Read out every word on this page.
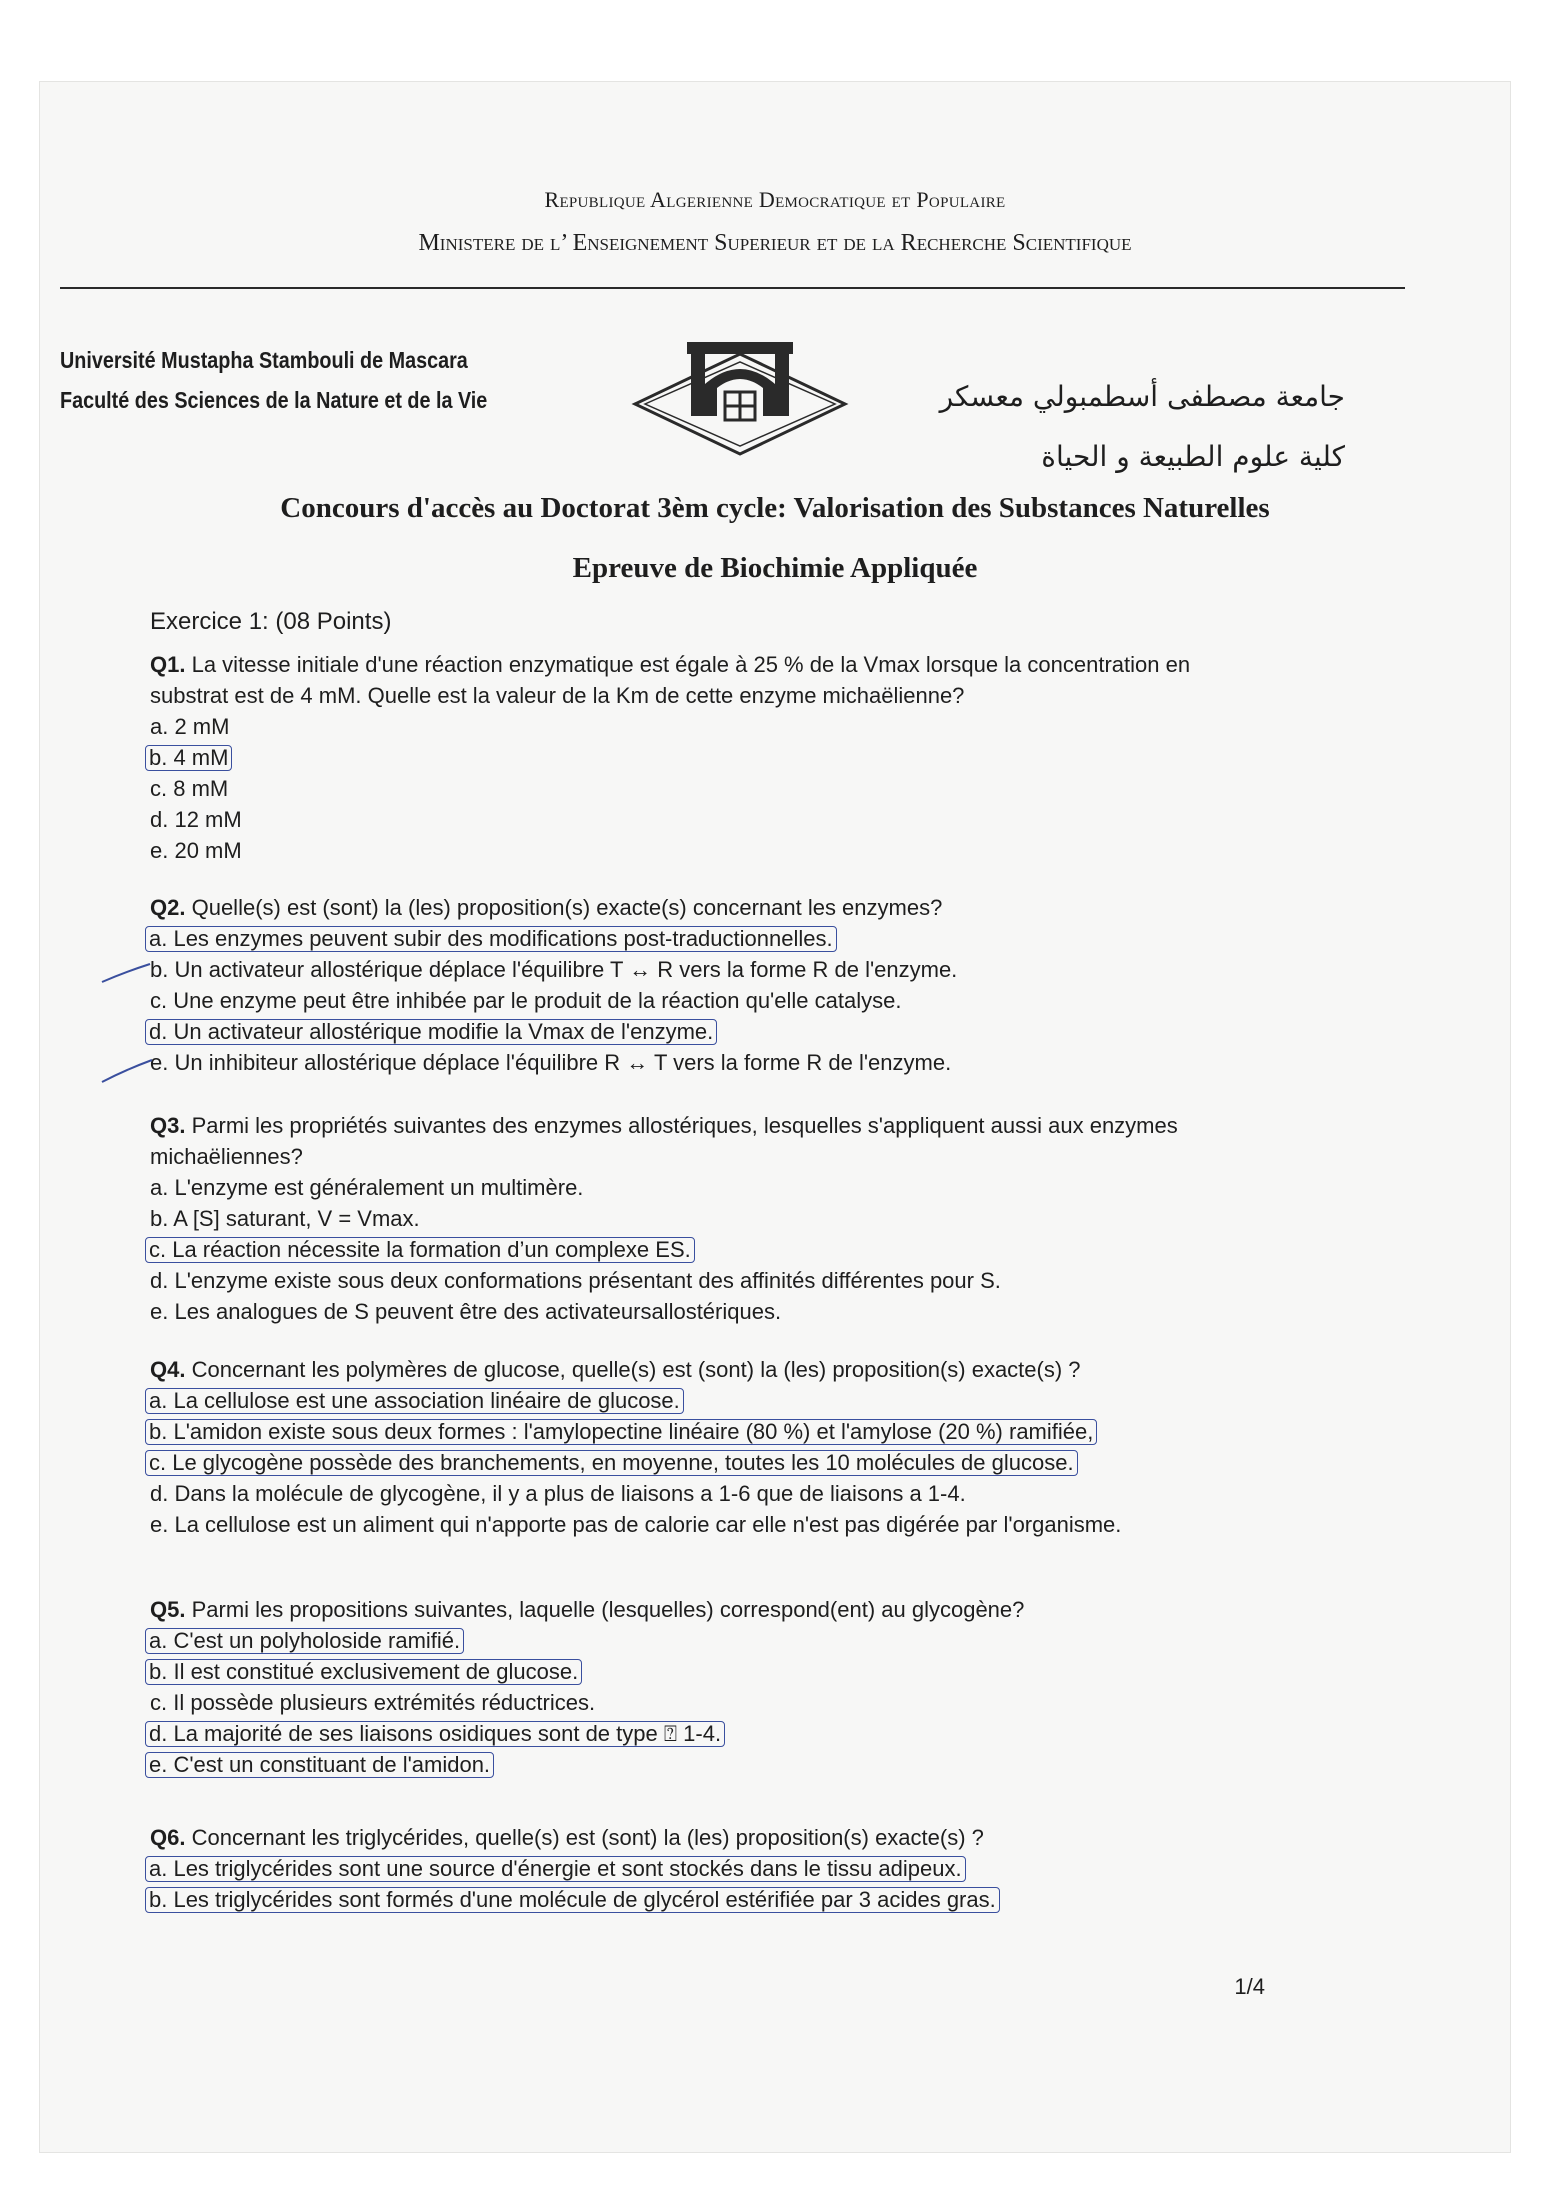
Republique Algerienne Democratique et Populaire
Ministere de l’ Enseignement Superieur et de la Recherche Scientifique
Université Mustapha Stambouli de Mascara
Faculté des Sciences de la Nature et de la Vie	جامعة مصطفى أسطمبولي معسكر
كلية علوم الطبيعة و الحياة
Concours d'accès au Doctorat 3èm cycle: Valorisation des Substances Naturelles
Epreuve de Biochimie Appliquée
Exercice 1: (08 Points)
Q1. La vitesse initiale d'une réaction enzymatique est égale à 25 % de la Vmax lorsque la concentration en substrat est de 4 mM. Quelle est la valeur de la Km de cette enzyme michaëlienne?
a. 2 mM
b. 4 mM
c. 8 mM
d. 12 mM
e. 20 mM
Q2. Quelle(s) est (sont) la (les) proposition(s) exacte(s) concernant les enzymes?
a. Les enzymes peuvent subir des modifications post-traductionnelles.
b. Un activateur allostérique déplace l'équilibre T ↔ R vers la forme R de l'enzyme.
c. Une enzyme peut être inhibée par le produit de la réaction qu'elle catalyse.
d. Un activateur allostérique modifie la Vmax de l'enzyme.
e. Un inhibiteur allostérique déplace l'équilibre R ↔ T vers la forme R de l'enzyme.
Q3. Parmi les propriétés suivantes des enzymes allostériques, lesquelles s'appliquent aussi aux enzymes michaëliennes?
a. L'enzyme est généralement un multimère.
b. A [S] saturant, V = Vmax.
c. La réaction nécessite la formation d’un complexe ES.
d. L'enzyme existe sous deux conformations présentant des affinités différentes pour S.
e. Les analogues de S peuvent être des activateursallostériques.
Q4. Concernant les polymères de glucose, quelle(s) est (sont) la (les) proposition(s) exacte(s) ?
a. La cellulose est une association linéaire de glucose.
b. L'amidon existe sous deux formes : l'amylopectine linéaire (80 %) et l'amylose (20 %) ramifiée,
c. Le glycogène possède des branchements, en moyenne, toutes les 10 molécules de glucose.
d. Dans la molécule de glycogène, il y a plus de liaisons a 1-6 que de liaisons a 1-4.
e. La cellulose est un aliment qui n'apporte pas de calorie car elle n'est pas digérée par l'organisme.
Q5. Parmi les propositions suivantes, laquelle (lesquelles) correspond(ent) au glycogène?
a. C'est un polyholoside ramifié.
b. Il est constitué exclusivement de glucose.
c. Il possède plusieurs extrémités réductrices.
d. La majorité de ses liaisons osidiques sont de type ⍰ 1-4.
e. C'est un constituant de l'amidon.
Q6. Concernant les triglycérides, quelle(s) est (sont) la (les) proposition(s) exacte(s) ?
a. Les triglycérides sont une source d'énergie et sont stockés dans le tissu adipeux.
b. Les triglycérides sont formés d'une molécule de glycérol estérifiée par 3 acides gras.
1/4
